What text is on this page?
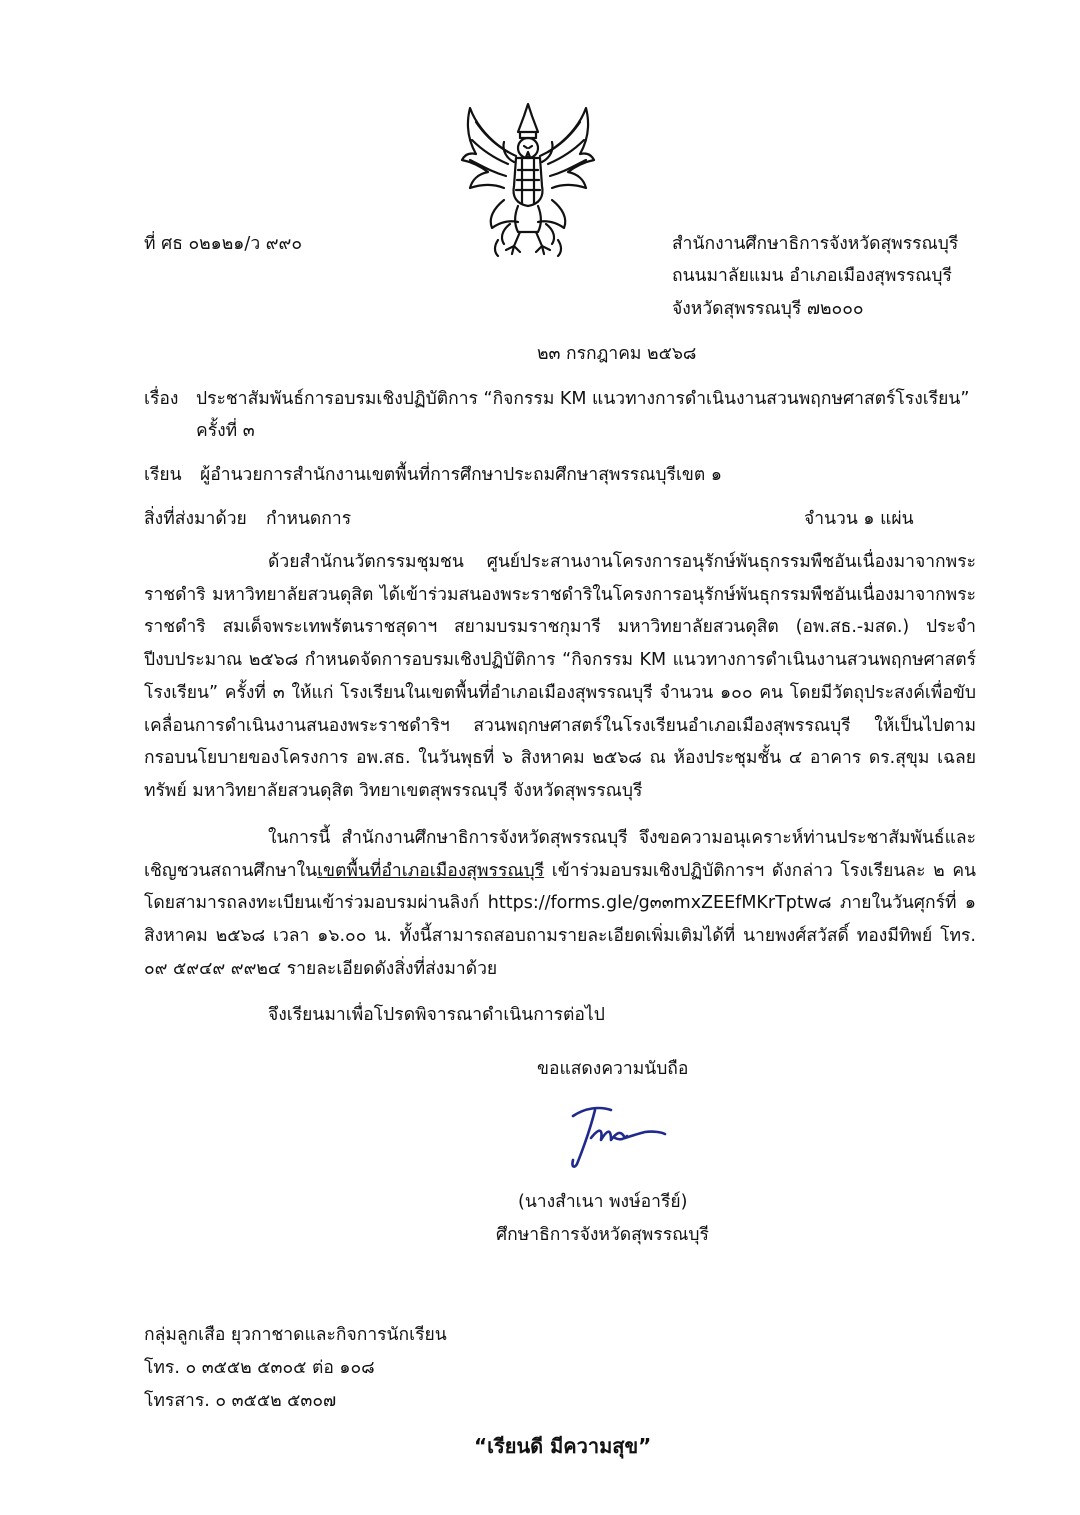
ที่ ศธ ๐๒๑๒๑/ว ๙๙๐	สำนักงานศึกษาธิการจังหวัดสุพรรณบุรี
ถนนมาลัยแมน อำเภอเมืองสุพรรณบุรี
จังหวัดสุพรรณบุรี ๗๒๐๐๐
๒๓ กรกฎาคม ๒๕๖๘
เรื่อง ประชาสัมพันธ์การอบรมเชิงปฏิบัติการ “กิจกรรม KM แนวทางการดำเนินงานสวนพฤกษศาสตร์โรงเรียน”
ครั้งที่ ๓
เรียน ผู้อำนวยการสำนักงานเขตพื้นที่การศึกษาประถมศึกษาสุพรรณบุรีเขต ๑
สิ่งที่ส่งมาด้วย กำหนดการ	จำนวน ๑ แผ่น

ด้วยสำนักนวัตกรรมชุมชน ศูนย์ประสานงานโครงการอนุรักษ์พันธุกรรมพืชอันเนื่องมาจากพระราชดำริ มหาวิทยาลัยสวนดุสิต ได้เข้าร่วมสนองพระราชดำริในโครงการอนุรักษ์พันธุกรรมพืชอันเนื่องมาจากพระราชดำริ สมเด็จพระเทพรัตนราชสุดาฯ สยามบรมราชกุมารี มหาวิทยาลัยสวนดุสิต (อพ.สธ.-มสด.) ประจำปีงบประมาณ ๒๕๖๘ กำหนดจัดการอบรมเชิงปฏิบัติการ “กิจกรรม KM แนวทางการดำเนินงานสวนพฤกษศาสตร์โรงเรียน” ครั้งที่ ๓ ให้แก่ โรงเรียนในเขตพื้นที่อำเภอเมืองสุพรรณบุรี จำนวน ๑๐๐ คน โดยมีวัตถุประสงค์เพื่อขับเคลื่อนการดำเนินงานสนองพระราชดำริฯ สวนพฤกษศาสตร์ในโรงเรียนอำเภอเมืองสุพรรณบุรี ให้เป็นไปตามกรอบนโยบายของโครงการ อพ.สธ. ในวันพุธที่ ๖ สิงหาคม ๒๕๖๘ ณ ห้องประชุมชั้น ๔ อาคาร ดร.สุขุม เฉลยทรัพย์ มหาวิทยาลัยสวนดุสิต วิทยาเขตสุพรรณบุรี จังหวัดสุพรรณบุรี

ในการนี้ สำนักงานศึกษาธิการจังหวัดสุพรรณบุรี จึงขอความอนุเคราะห์ท่านประชาสัมพันธ์และเชิญชวนสถานศึกษาในเขตพื้นที่อำเภอเมืองสุพรรณบุรี เข้าร่วมอบรมเชิงปฏิบัติการฯ ดังกล่าว โรงเรียนละ ๒ คน โดยสามารถลงทะเบียนเข้าร่วมอบรมผ่านลิงก์ https://forms.gle/g๓๓mxZEEfMKrTptw๘ ภายในวันศุกร์ที่ ๑ สิงหาคม ๒๕๖๘ เวลา ๑๖.๐๐ น. ทั้งนี้สามารถสอบถามรายละเอียดเพิ่มเติมได้ที่ นายพงศ์สวัสดิ์ ทองมีทิพย์ โทร. ๐๙ ๕๙๔๙ ๙๙๒๔ รายละเอียดดังสิ่งที่ส่งมาด้วย

จึงเรียนมาเพื่อโปรดพิจารณาดำเนินการต่อไป
ขอแสดงความนับถือ
(นางสำเนา พงษ์อารีย์)
ศึกษาธิการจังหวัดสุพรรณบุรี
กลุ่มลูกเสือ ยุวกาชาดและกิจการนักเรียน
โทร. ๐ ๓๕๕๒ ๕๓๐๕ ต่อ ๑๐๘
โทรสาร. ๐ ๓๕๕๒ ๕๓๐๗
“เรียนดี มีความสุข”
